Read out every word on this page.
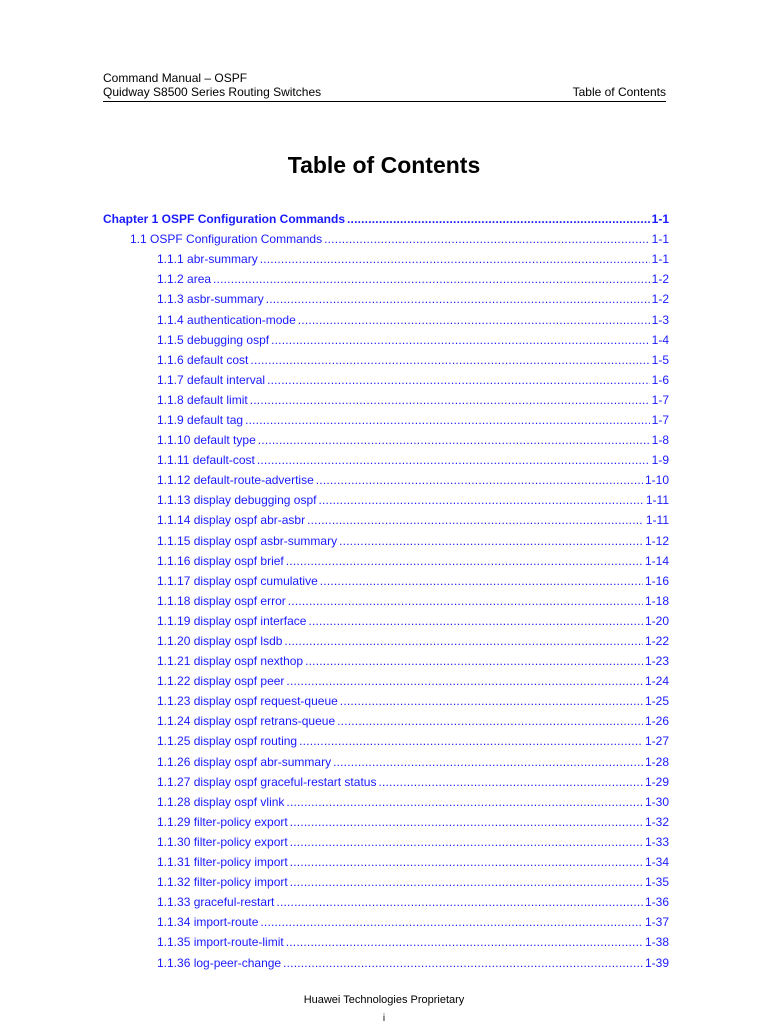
Command Manual – OSPF
Quidway S8500 Series Routing Switches	Table of Contents
Table of Contents
Chapter 1 OSPF Configuration Commands .....	1-1
1.1 OSPF Configuration Commands .....	1-1
1.1.1 abr-summary .....	1-1
1.1.2 area .....	1-2
1.1.3 asbr-summary .....	1-2
1.1.4 authentication-mode .....	1-3
1.1.5 debugging ospf .....	1-4
1.1.6 default cost .....	1-5
1.1.7 default interval .....	1-6
1.1.8 default limit .....	1-7
1.1.9 default tag .....	1-7
1.1.10 default type .....	1-8
1.1.11 default-cost .....	1-9
1.1.12 default-route-advertise .....	1-10
1.1.13 display debugging ospf .....	1-11
1.1.14 display ospf abr-asbr .....	1-11
1.1.15 display ospf asbr-summary .....	1-12
1.1.16 display ospf brief .....	1-14
1.1.17 display ospf cumulative .....	1-16
1.1.18 display ospf error .....	1-18
1.1.19 display ospf interface .....	1-20
1.1.20 display ospf lsdb .....	1-22
1.1.21 display ospf nexthop .....	1-23
1.1.22 display ospf peer .....	1-24
1.1.23 display ospf request-queue .....	1-25
1.1.24 display ospf retrans-queue .....	1-26
1.1.25 display ospf routing .....	1-27
1.1.26 display ospf abr-summary .....	1-28
1.1.27 display ospf graceful-restart status .....	1-29
1.1.28 display ospf vlink .....	1-30
1.1.29 filter-policy export .....	1-32
1.1.30 filter-policy export .....	1-33
1.1.31 filter-policy import .....	1-34
1.1.32 filter-policy import .....	1-35
1.1.33 graceful-restart .....	1-36
1.1.34 import-route .....	1-37
1.1.35 import-route-limit .....	1-38
1.1.36 log-peer-change .....	1-39
Huawei Technologies Proprietary
i
